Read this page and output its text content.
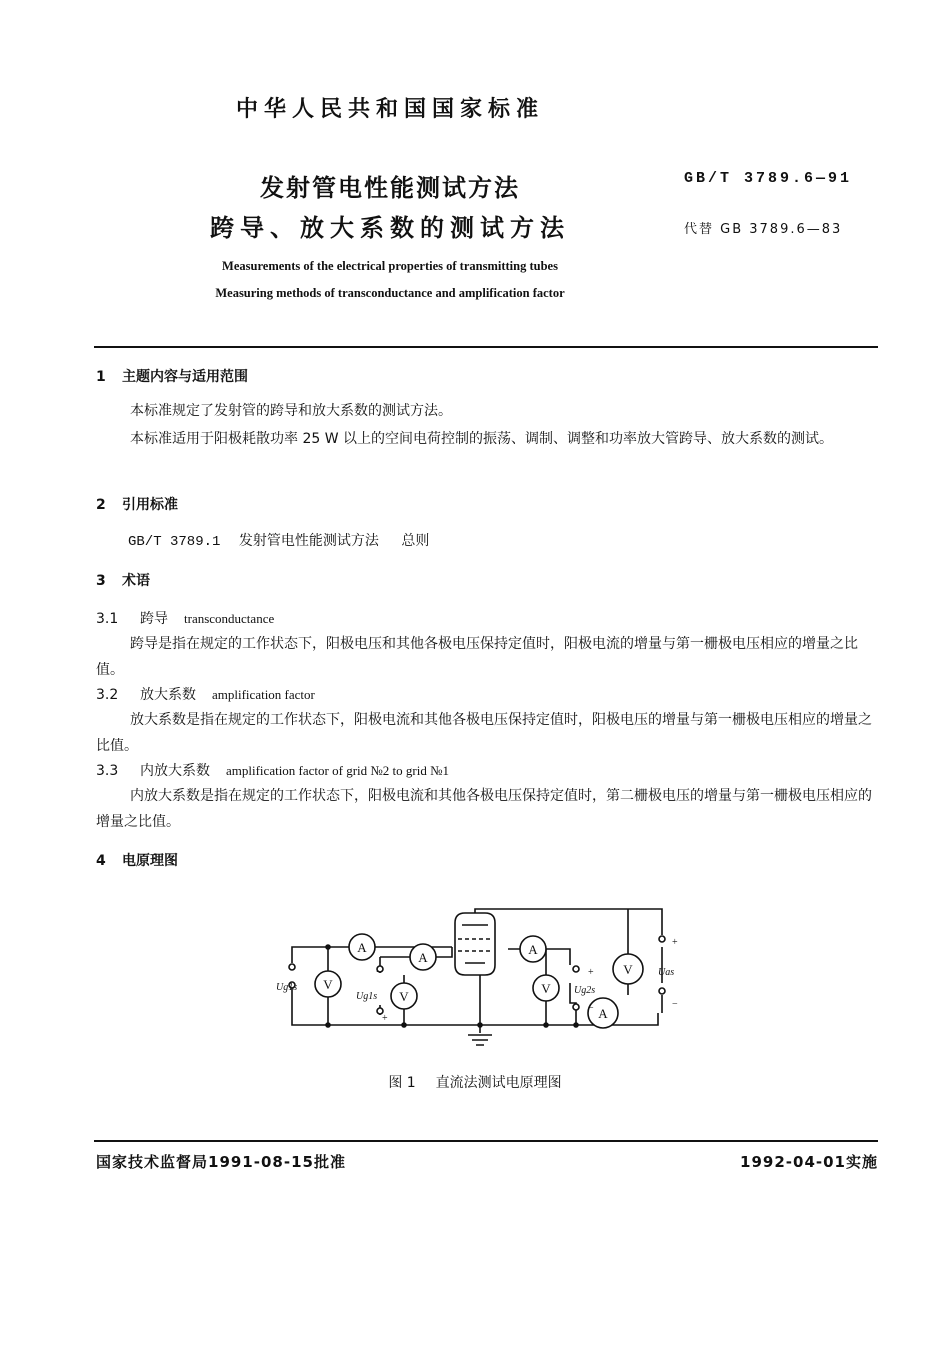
中华人民共和国国家标准
发射管电性能测试方法
跨导、放大系数的测试方法
GB/T 3789.6—91
代替 GB 3789.6—83
Measurements of the electrical properties of transmitting tubes
Measuring methods of transconductance and amplification factor
1 主题内容与适用范围
本标准规定了发射管的跨导和放大系数的测试方法。
本标准适用于阳极耗散功率 25 W 以上的空间电荷控制的振荡、调制、调整和功率放大管跨导、放大系数的测试。
2 引用标准
GB/T 3789.1 发射管电性能测试方法 总则
3 术语
3.1 跨导 transconductance
跨导是指在规定的工作状态下，阳极电压和其他各极电压保持定值时，阳极电流的增量与第一栅极电压相应的增量之比值。
3.2 放大系数 amplification factor
放大系数是指在规定的工作状态下，阳极电流和其他各极电压保持定值时，阳极电压的增量与第一栅极电压相应的增量之比值。
3.3 内放大系数 amplification factor of grid №2 to grid №1
内放大系数是指在规定的工作状态下，阳极电流和其他各极电压保持定值时，第二栅极电压的增量与第一栅极电压相应的增量之比值。
4 电原理图
A
A
A
A
V
V
V
V
Ug1s
Ug1s
Ug2s
Uas
+
−	+
−
+
−
图 1 直流法测试电原理图
国家技术监督局1991-08-15批准	1992-04-01实施
